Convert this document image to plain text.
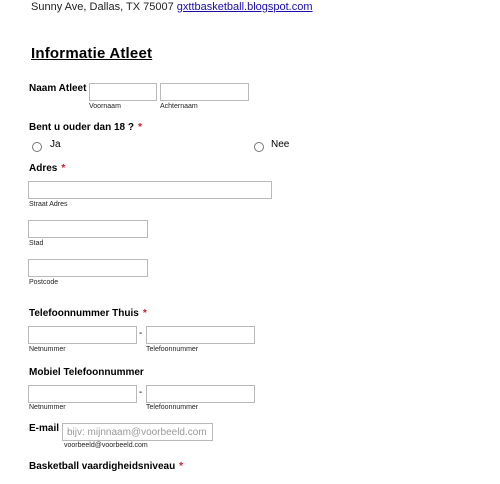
Sunny Ave, Dallas, TX 75007 gxttbasketball.blogspot.com
Informatie Atleet
Naam Atleet
Voornaam	Achternaam
Bent u ouder dan 18 ? *
Ja	Nee
Adres *
Straat Adres
Stad
Postcode
Telefoonnummer Thuis *
-
Netnummer	Telefoonnummer
Mobiel Telefoonnummer
-
Netnummer	Telefoonnummer
E-mail
bijv: mijnnaam@voorbeeld.com
voorbeeld@voorbeeld.com
Basketball vaardigheidsniveau *
